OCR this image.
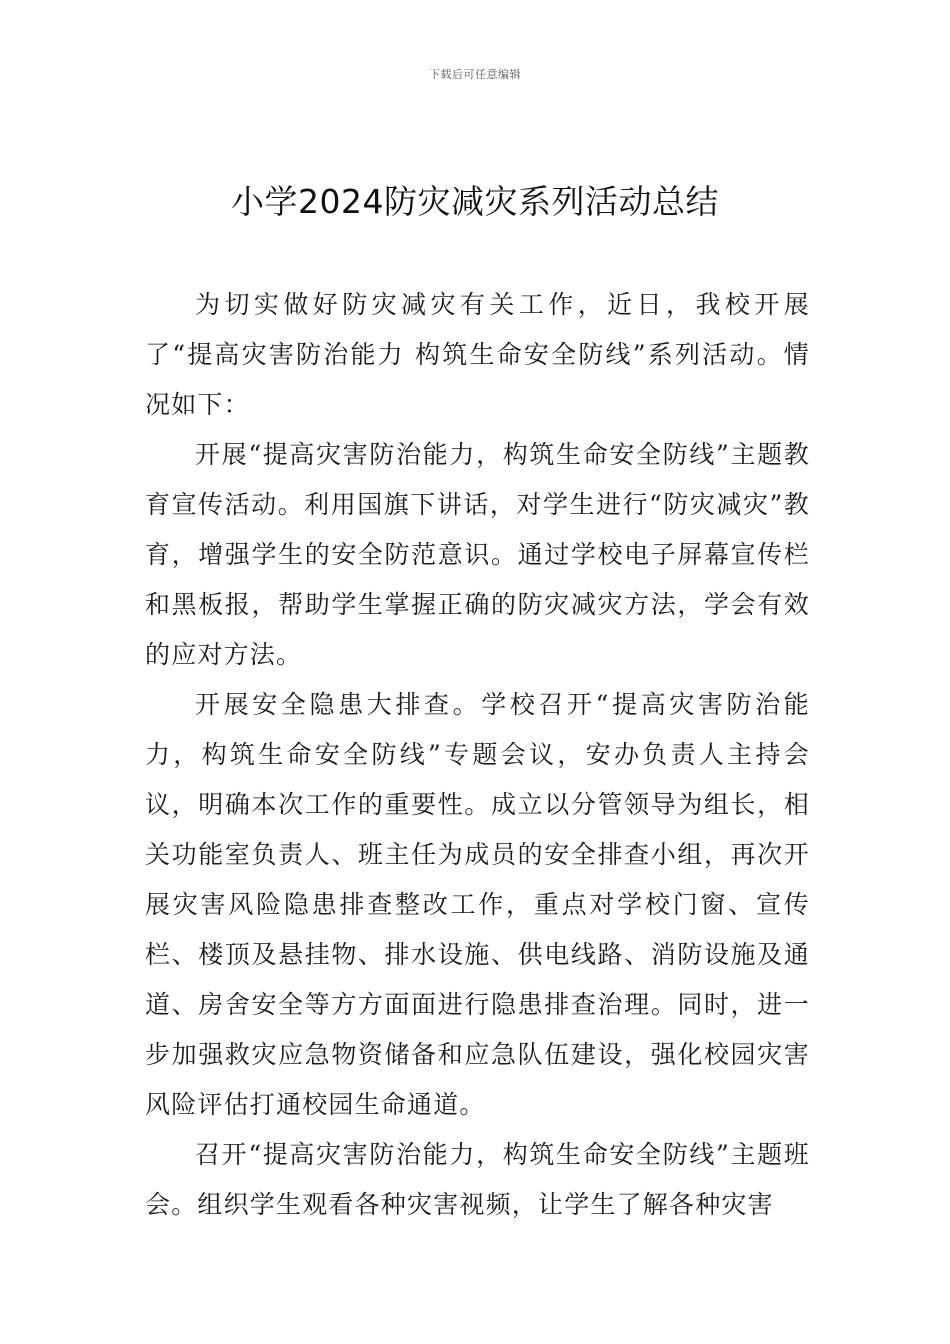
下载后可任意编辑
小学2024防灾减灾系列活动总结

为切实做好防灾减灾有关工作，近日，我校开展了“提高灾害防治能力 构筑生命安全防线”系列活动。情况如下：

开展“提高灾害防治能力，构筑生命安全防线”主题教育宣传活动。利用国旗下讲话，对学生进行“防灾减灾”教育，增强学生的安全防范意识。通过学校电子屏幕宣传栏和黑板报，帮助学生掌握正确的防灾减灾方法，学会有效的应对方法。

开展安全隐患大排查。学校召开“提高灾害防治能力，构筑生命安全防线”专题会议，安办负责人主持会议，明确本次工作的重要性。成立以分管领导为组长，相关功能室负责人、班主任为成员的安全排查小组，再次开展灾害风险隐患排查整改工作，重点对学校门窗、宣传栏、楼顶及悬挂物、排水设施、供电线路、消防设施及通道、房舍安全等方方面面进行隐患排查治理。同时，进一步加强救灾应急物资储备和应急队伍建设，强化校园灾害风险评估打通校园生命通道。

召开“提高灾害防治能力，构筑生命安全防线”主题班会。组织学生观看各种灾害视频，让学生了解各种灾害
